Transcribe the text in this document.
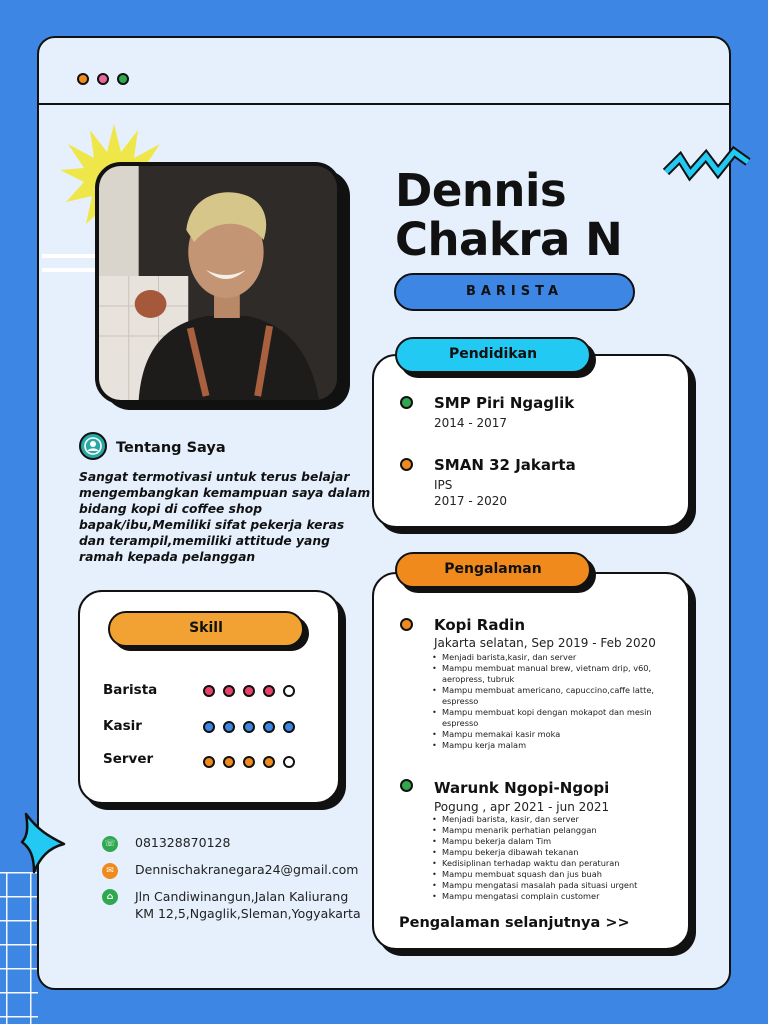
Dennis
Chakra N
BARISTA
Tentang Saya
Sangat termotivasi untuk terus belajar mengembangkan kemampuan saya dalam bidang kopi di coffee shop bapak/ibu,Memiliki sifat pekerja keras dan terampil,memiliki attitude yang ramah kepada pelanggan
Skill
Barista
Kasir
Server
☏ 081328870128
✉	Dennischakranegara24@gmail.com
⌂	Jln Candiwinangun,Jalan Kaliurang KM 12,5,Ngaglik,Sleman,Yogyakarta
Pendidikan
SMP Piri Ngaglik
2014 - 2017
SMAN 32 Jakarta
IPS
2017 - 2020
Pengalaman
Kopi Radin
Jakarta selatan, Sep 2019 - Feb 2020
• Menjadi barista,kasir, dan server
• Mampu membuat manual brew, vietnam drip, v60, aeropress, tubruk
• Mampu membuat americano, capuccino,caffe latte, espresso
• Mampu membuat kopi dengan mokapot dan mesin espresso
• Mampu memakai kasir moka
• Mampu kerja malam
Warunk Ngopi-Ngopi
Pogung , apr 2021 - jun 2021
• Menjadi barista, kasir, dan server
• Mampu menarik perhatian pelanggan
• Mampu bekerja dalam Tim
• Mampu bekerja dibawah tekanan
• Kedisiplinan terhadap waktu dan peraturan
• Mampu membuat squash dan jus buah
• Mampu mengatasi masalah pada situasi urgent
• Mampu mengatasi complain customer
Pengalaman selanjutnya >>
